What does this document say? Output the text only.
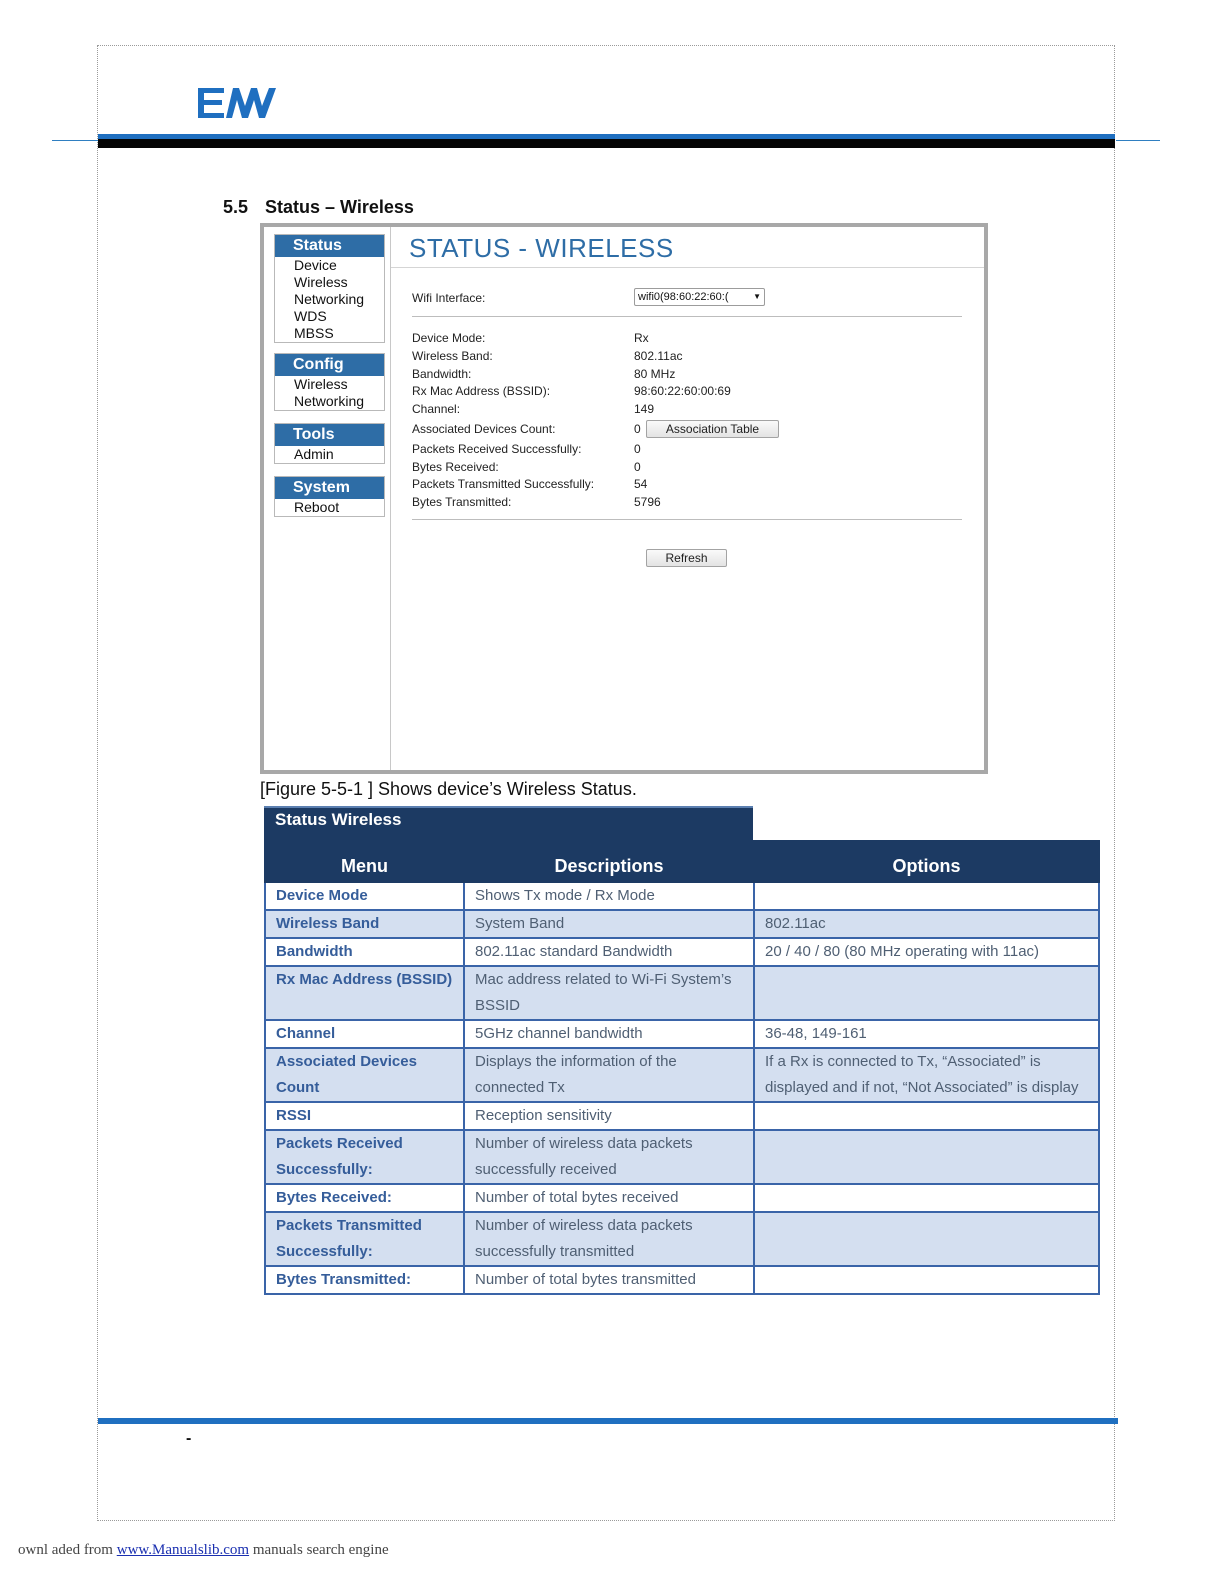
5.5 Status – Wireless
Status
Device
Wireless
Networking
WDS
MBSS
Config
Wireless
Networking
Tools
Admin
System
Reboot
STATUS - WIRELESS
Wifi Interface:	wifi0(98:60:22:60:(	▼
Device Mode:	Rx
Wireless Band:	802.11ac
Bandwidth:	80 MHz
Rx Mac Address (BSSID):	98:60:22:60:00:69
Channel:	149
Associated Devices Count:	0	Association Table
Packets Received Successfully:	0
Bytes Received:	0
Packets Transmitted Successfully:	54
Bytes Transmitted:	5796
Refresh
[Figure 5-5-1 ] Shows device’s Wireless Status.
Status Wireless
Menu	Descriptions	Options
Device Mode	Shows Tx mode / Rx Mode	
Wireless Band	System Band	802.11ac
Bandwidth	802.11ac standard Bandwidth	20 / 40 / 80 (80 MHz operating with 11ac)
Rx Mac Address (BSSID)	Mac address related to Wi-Fi System’s BSSID	
Channel	5GHz channel bandwidth	36-48, 149-161
Associated Devices Count	Displays the information of the connected Tx	If a Rx is connected to Tx, “Associated” is displayed and if not, “Not Associated” is display
RSSI	Reception sensitivity	
Packets Received Successfully:	Number of wireless data packets successfully received	
Bytes Received:	Number of total bytes received	
Packets Transmitted Successfully:	Number of wireless data packets successfully transmitted	
Bytes Transmitted:	Number of total bytes transmitted	
-
ownl aded from www.Manualslib.com manuals search engine
